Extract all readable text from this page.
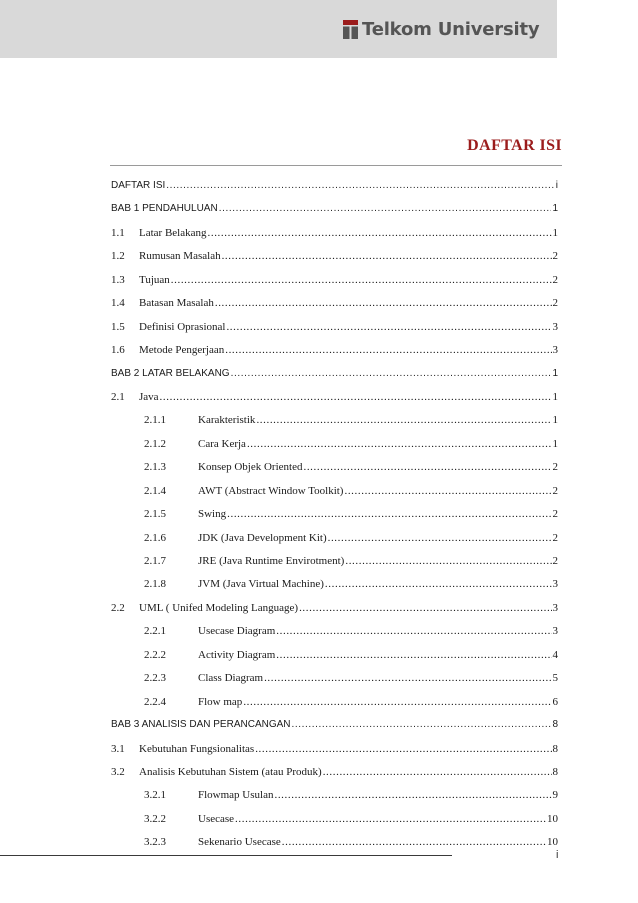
Telkom University
DAFTAR ISI
DAFTAR ISI .....	i
BAB 1 PENDAHULUAN .....	1
1.1	Latar Belakang .....	1
1.2	Rumusan Masalah .....	2
1.3	Tujuan .....	2
1.4	Batasan Masalah .....	2
1.5	Definisi Oprasional .....	3
1.6	Metode Pengerjaan .....	3
BAB 2 LATAR BELAKANG .....	1
2.1	Java .....	1
2.1.1	Karakteristik .....	1
2.1.2	Cara Kerja .....	1
2.1.3	Konsep Objek Oriented .....	2
2.1.4	AWT (Abstract Window Toolkit) .....	2
2.1.5	Swing .....	2
2.1.6	JDK (Java Development Kit) .....	2
2.1.7	JRE (Java Runtime Envirotment) .....	2
2.1.8	JVM (Java Virtual Machine) .....	3
2.2	UML ( Unifed Modeling Language) .....	3
2.2.1	Usecase Diagram .....	3
2.2.2	Activity Diagram .....	4
2.2.3	Class Diagram .....	5
2.2.4	Flow map .....	6
BAB 3 ANALISIS DAN PERANCANGAN .....	8
3.1	Kebutuhan Fungsionalitas .....	8
3.2	Analisis Kebutuhan Sistem (atau Produk) .....	8
3.2.1	Flowmap Usulan .....	9
3.2.2	Usecase .....	10
3.2.3	Sekenario Usecase .....	10
i
